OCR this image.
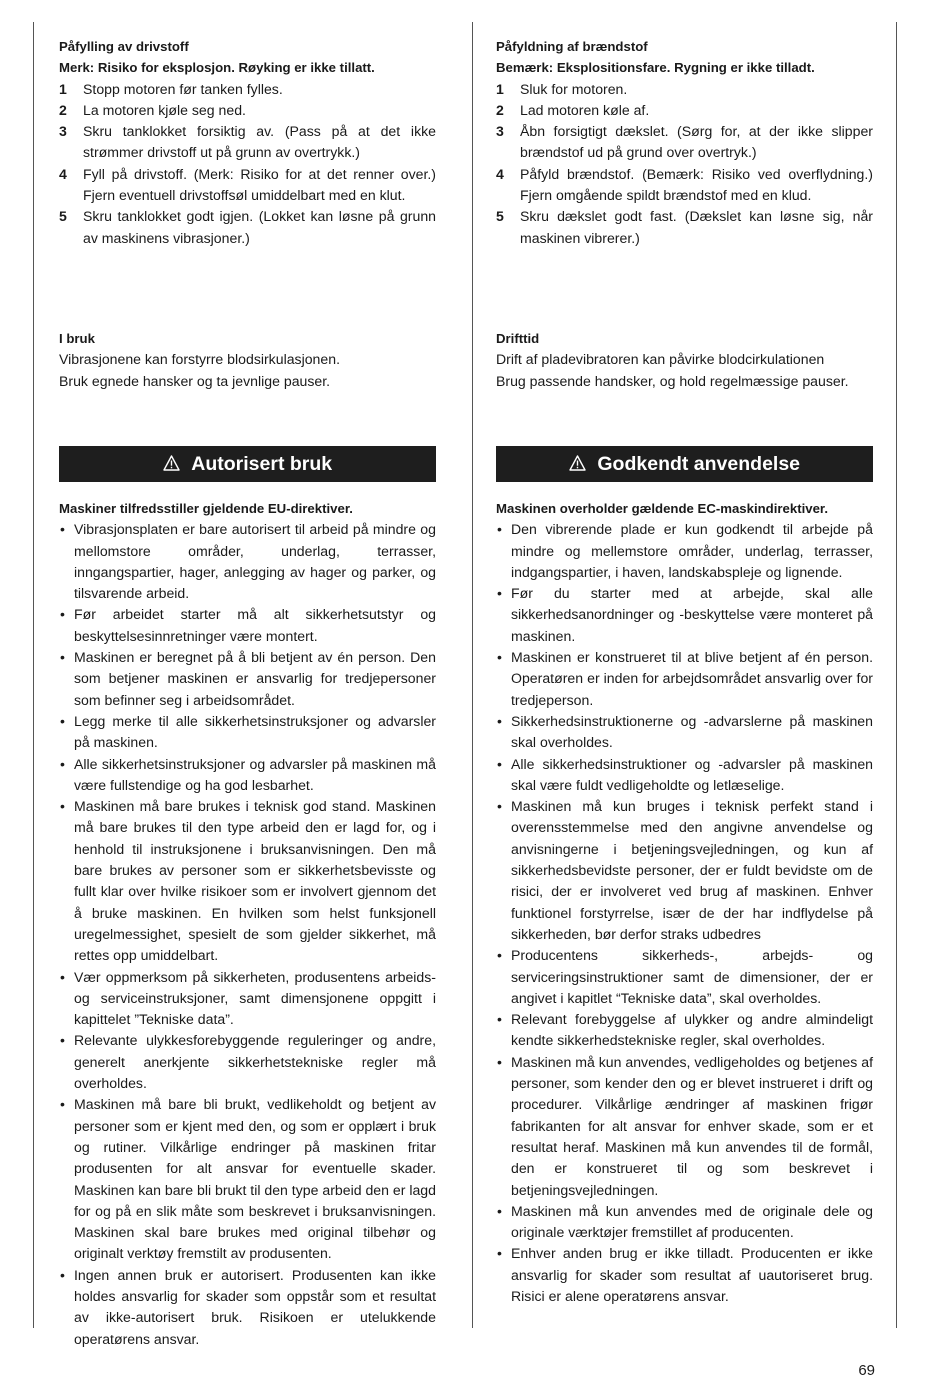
Påfylling av drivstoff
Merk: Risiko for eksplosjon. Røyking er ikke tillatt.
1 Stopp motoren før tanken fylles.
2 La motoren kjøle seg ned.
3 Skru tanklokket forsiktig av. (Pass på at det ikke strømmer drivstoff ut på grunn av overtrykk.)
4 Fyll på drivstoff. (Merk: Risiko for at det renner over.) Fjern eventuell drivstoffsøl umiddelbart med en klut.
5 Skru tanklokket godt igjen. (Lokket kan løsne på grunn av maskinens vibrasjoner.)
I bruk
Vibrasjonene kan forstyrre blodsirkulasjonen.
Bruk egnede hansker og ta jevnlige pauser.
Autorisert bruk
Maskiner tilfredsstiller gjeldende EU-direktiver.
• Vibrasjonsplaten er bare autorisert til arbeid på mindre og mellomstore områder, underlag, terrasser, inngangspartier, hager, anlegging av hager og parker, og tilsvarende arbeid.
• Før arbeidet starter må alt sikkerhetsutstyr og beskyttelsesinnretninger være montert.
• Maskinen er beregnet på å bli betjent av én person. Den som betjener maskinen er ansvarlig for tredjepersoner som befinner seg i arbeidsområdet.
• Legg merke til alle sikkerhetsinstruksjoner og advarsler på maskinen.
• Alle sikkerhetsinstruksjoner og advarsler på maskinen må være fullstendige og ha god lesbarhet.
• Maskinen må bare brukes i teknisk god stand. Maskinen må bare brukes til den type arbeid den er lagd for, og i henhold til instruksjonene i bruksanvisningen. Den må bare brukes av personer som er sikkerhetsbevisste og fullt klar over hvilke risikoer som er involvert gjennom det å bruke maskinen. En hvilken som helst funksjonell uregelmessighet, spesielt de som gjelder sikkerhet, må rettes opp umiddelbart.
• Vær oppmerksom på sikkerheten, produsentens arbeids- og serviceinstruksjoner, samt dimensjonene oppgitt i kapittelet ”Tekniske data”.
• Relevante ulykkesforebyggende reguleringer og andre, generelt anerkjente sikkerhetstekniske regler må overholdes.
• Maskinen må bare bli brukt, vedlikeholdt og betjent av personer som er kjent med den, og som er opplært i bruk og rutiner. Vilkårlige endringer på maskinen fritar produsenten for alt ansvar for eventuelle skader. Maskinen kan bare bli brukt til den type arbeid den er lagd for og på en slik måte som beskrevet i bruksanvisningen. Maskinen skal bare brukes med original tilbehør og originalt verktøy fremstilt av produsenten.
• Ingen annen bruk er autorisert. Produsenten kan ikke holdes ansvarlig for skader som oppstår som et resultat av ikke-autorisert bruk. Risikoen er utelukkende operatørens ansvar.
Påfyldning af brændstof
Bemærk: Eksplositionsfare. Rygning er ikke tilladt.
1 Sluk for motoren.
2 Lad motoren køle af.
3 Åbn forsigtigt dækslet. (Sørg for, at der ikke slipper brændstof ud på grund over overtryk.)
4 Påfyld brændstof. (Bemærk: Risiko ved overflydning.) Fjern omgående spildt brændstof med en klud.
5 Skru dækslet godt fast. (Dækslet kan løsne sig, når maskinen vibrerer.)
Drifttid
Drift af pladevibratoren kan påvirke blodcirkulationen
Brug passende handsker, og hold regelmæssige pauser.
Godkendt anvendelse
Maskinen overholder gældende EC-maskindirektiver.
• Den vibrerende plade er kun godkendt til arbejde på mindre og mellemstore områder, underlag, terrasser, indgangspartier, i haven, landskabspleje og lignende.
• Før du starter med at arbejde, skal alle sikkerhedsanordninger og -beskyttelse være monteret på maskinen.
• Maskinen er konstrueret til at blive betjent af én person. Operatøren er inden for arbejdsområdet ansvarlig over for tredjeperson.
• Sikkerhedsinstruktionerne og -advarslerne på maskinen skal overholdes.
• Alle sikkerhedsinstruktioner og -advarsler på maskinen skal være fuldt vedligeholdte og letlæselige.
• Maskinen må kun bruges i teknisk perfekt stand i overensstemmelse med den angivne anvendelse og anvisningerne i betjeningsvejledningen, og kun af sikkerhedsbevidste personer, der er fuldt bevidste om de risici, der er involveret ved brug af maskinen. Enhver funktionel forstyrrelse, især de der har indflydelse på sikkerheden, bør derfor straks udbedres
• Producentens sikkerheds-, arbejds- og serviceringsinstruktioner samt de dimensioner, der er angivet i kapitlet “Tekniske data”, skal overholdes.
• Relevant forebyggelse af ulykker og andre almindeligt kendte sikkerhedstekniske regler, skal overholdes.
• Maskinen må kun anvendes, vedligeholdes og betjenes af personer, som kender den og er blevet instrueret i drift og procedurer. Vilkårlige ændringer af maskinen frigør fabrikanten for alt ansvar for enhver skade, som er et resultat heraf. Maskinen må kun anvendes til de formål, den er konstrueret til og som beskrevet i betjeningsvejledningen.
• Maskinen må kun anvendes med de originale dele og originale værktøjer fremstillet af producenten.
• Enhver anden brug er ikke tilladt. Producenten er ikke ansvarlig for skader som resultat af uautoriseret brug. Risici er alene operatørens ansvar.
69
